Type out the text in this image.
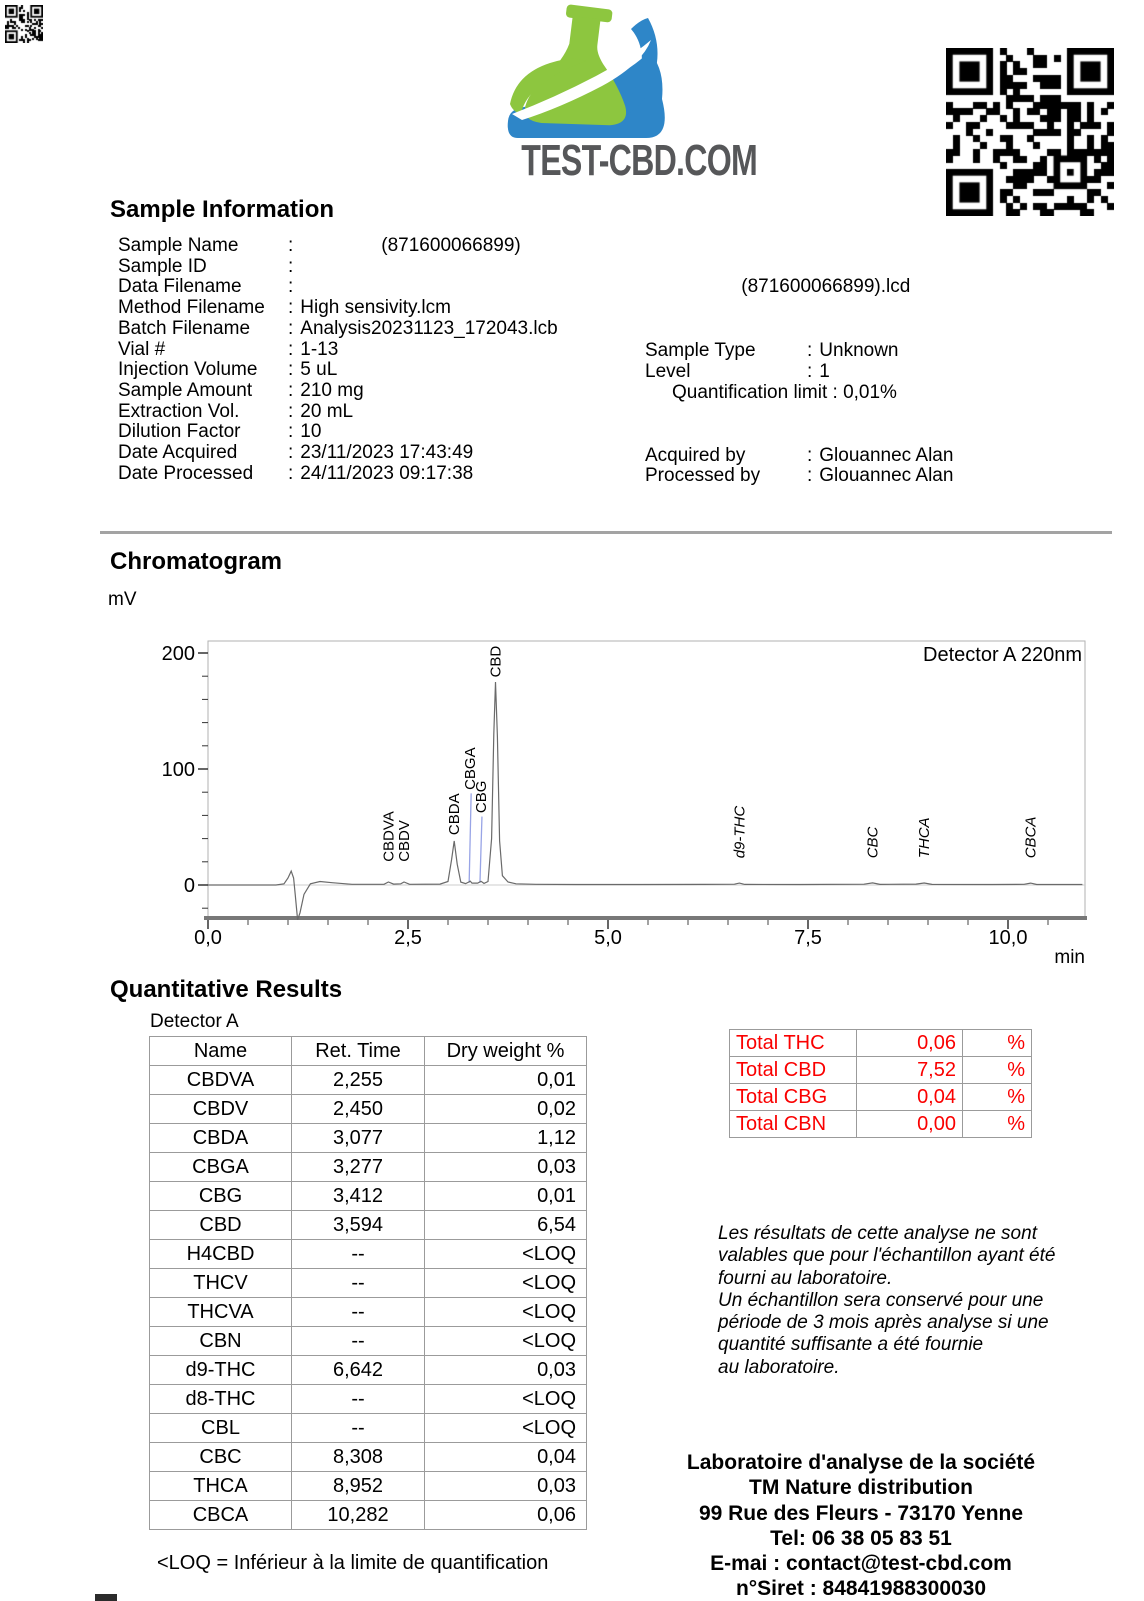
TEST-CBD.COM
Sample Information
Sample Name	:	(871600066899)
Sample ID	:
Data Filename :	(871600066899).lcd
Method Filename : High sensivity.lcm
Batch Filename : Analysis20231123_172043.lcb
Vial #	: 1-13
Injection Volume : 5 uL
Sample Amount : 210 mg
Extraction Vol.	: 20 mL
Dilution Factor	: 10
Date Acquired	: 23/11/2023 17:43:49
Date Processed : 24/11/2023 09:17:38
Sample Type	: Unknown
Level	: 1
Quantification limit : 0,01%
Acquired by	: Glouannec Alan
Processed by : Glouannec Alan
Chromatogram
mV
0
100
200
0,0	2,5	5,0	7,5	10,0
min
Detector A 220nm
CBDVA
CBDV
CBDA
CBGA
CBG
CBD
d9-THC	CBC THCA	CBCA
Quantitative Results
Detector A
Name	Ret. Time	Dry weight %
CBDVA	2,255	0,01
CBDV	2,450	0,02
CBDA	3,077	1,12
CBGA	3,277	0,03
CBG	3,412	0,01
CBD	3,594	6,54
H4CBD	--	<LOQ
THCV	--	<LOQ
THCVA	--	<LOQ
CBN	--	<LOQ
d9-THC	6,642	0,03
d8-THC	--	<LOQ
CBL	--	<LOQ
CBC	8,308	0,04
THCA	8,952	0,03
CBCA	10,282	0,06
<LOQ = Inférieur à la limite de quantification
Total THC	0,06	%
Total CBD	7,52	%
Total CBG	0,04	%
Total CBN	0,00	%
Les résultats de cette analyse ne sont
valables que pour l'échantillon ayant été
fourni au laboratoire.
Un échantillon sera conservé pour une
période de 3 mois après analyse si une
quantité suffisante a été fournie
au laboratoire.
Laboratoire d'analyse de la société
TM Nature distribution
99 Rue des Fleurs - 73170 Yenne
Tel: 06 38 05 83 51
E-mai : contact@test-cbd.com
n°Siret : 84841988300030
